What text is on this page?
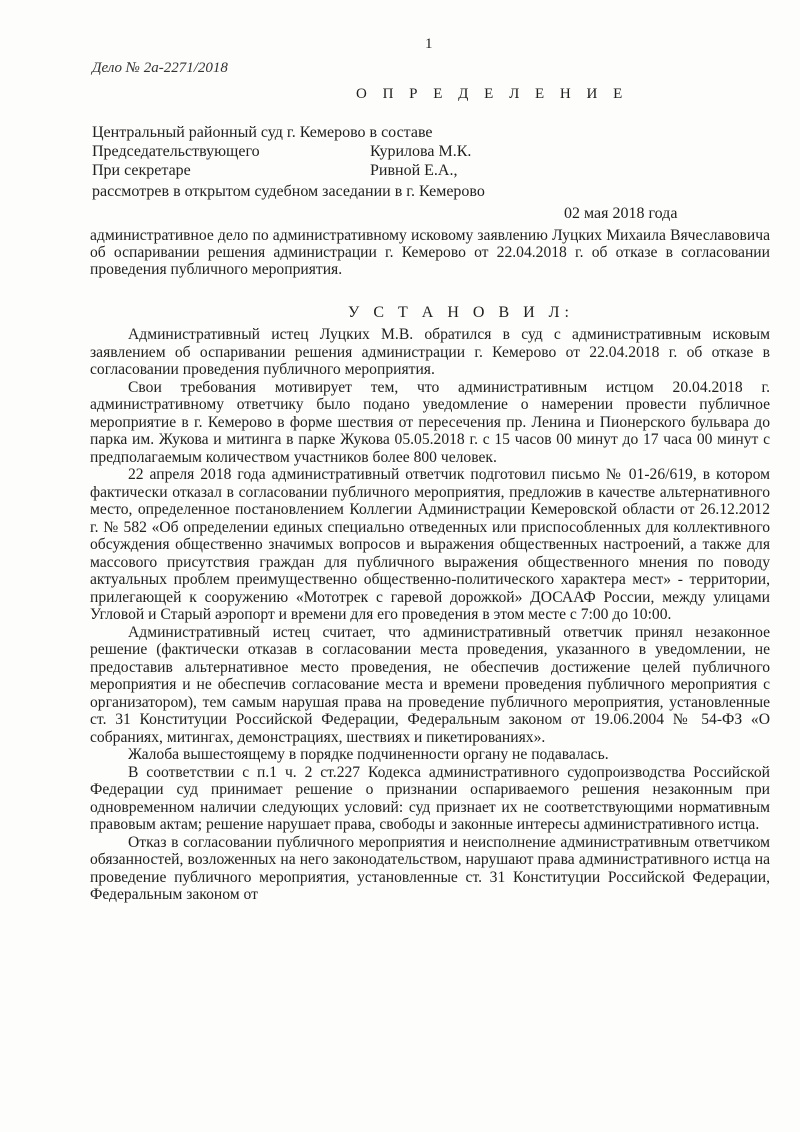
1
Дело № 2а-2271/2018
О П Р Е Д Е Л Е Н И Е
Центральный районный суд г. Кемерово в составе
Председательствующего	Курилова М.К.
При секретаре	Ривной Е.А.,
рассмотрев в открытом судебном заседании в г. Кемерово
02 мая 2018 года

административное дело по административному исковому заявлению Луцких Михаила Вячеславовича об оспаривании решения администрации г. Кемерово от 22.04.2018 г. об отказе в согласовании проведения публичного мероприятия.

У С Т А Н О В И Л:

Административный истец Луцких М.В. обратился в суд с административным исковым заявлением об оспаривании решения администрации г. Кемерово от 22.04.2018 г. об отказе в согласовании проведения публичного мероприятия.

Свои требования мотивирует тем, что административным истцом 20.04.2018 г. административному ответчику было подано уведомление о намерении провести публичное мероприятие в г. Кемерово в форме шествия от пересечения пр. Ленина и Пионерского бульвара до парка им. Жукова и митинга в парке Жукова 05.05.2018 г. с 15 часов 00 минут до 17 часа 00 минут с предполагаемым количеством участников более 800 человек.

22 апреля 2018 года административный ответчик подготовил письмо № 01-26/619, в котором фактически отказал в согласовании публичного мероприятия, предложив в качестве альтернативного место, определенное постановлением Коллегии Администрации Кемеровской области от 26.12.2012 г. № 582 «Об определении единых специально отведенных или приспособленных для коллективного обсуждения общественно значимых вопросов и выражения общественных настроений, а также для массового присутствия граждан для публичного выражения общественного мнения по поводу актуальных проблем преимущественно общественно-политического характера мест» - территории, прилегающей к сооружению «Мототрек с гаревой дорожкой» ДОСААФ России, между улицами Угловой и Старый аэропорт и времени для его проведения в этом месте с 7:00 до 10:00.

Административный истец считает, что административный ответчик принял незаконное решение (фактически отказав в согласовании места проведения, указанного в уведомлении, не предоставив альтернативное место проведения, не обеспечив достижение целей публичного мероприятия и не обеспечив согласование места и времени проведения публичного мероприятия с организатором), тем самым нарушая права на проведение публичного мероприятия, установленные ст. 31 Конституции Российской Федерации, Федеральным законом от 19.06.2004 № 54-ФЗ «О собраниях, митингах, демонстрациях, шествиях и пикетированиях».

Жалоба вышестоящему в порядке подчиненности органу не подавалась.

В соответствии с п.1 ч. 2 ст.227 Кодекса административного судопроизводства Российской Федерации суд принимает решение о признании оспариваемого решения незаконным при одновременном наличии следующих условий: суд признает их не соответствующими нормативным правовым актам; решение нарушает права, свободы и законные интересы административного истца.

Отказ в согласовании публичного мероприятия и неисполнение административным ответчиком обязанностей, возложенных на него законодательством, нарушают права административного истца на проведение публичного мероприятия, установленные ст. 31 Конституции Российской Федерации, Федеральным законом от
